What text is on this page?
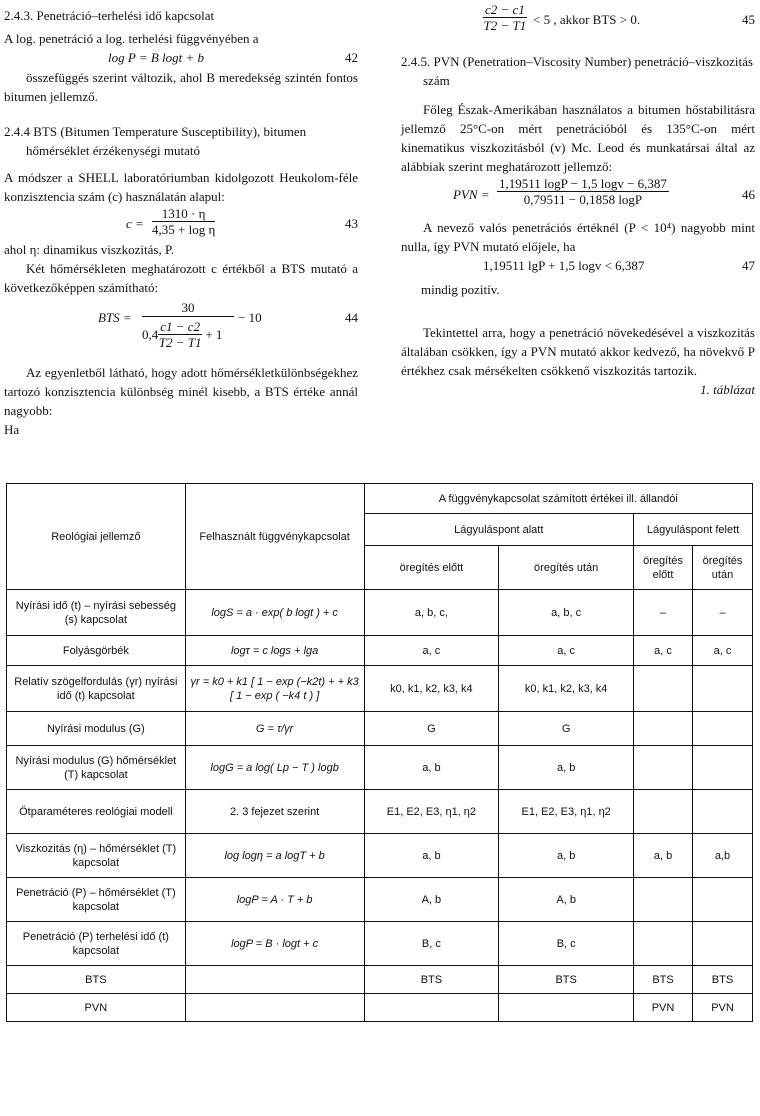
2.4.3. Penetráció–terhelési idő kapcsolat

A log. penetráció a log. terhelési függvényében a

log P = B logt + b	42

összefüggés szerint változik, ahol B meredekség szintén fontos bitumen jellemző.

2.4.4 BTS (Bitumen Temperature Susceptibility), bitumen hőmérséklet érzékenységi mutató

A módszer a SHELL laboratóriumban kidolgozott Heukolom-féle konzisztencia szám (c) használatán alapul:

$c = \frac{1310 \cdot \eta}{\text{4,35 + log η}}$	43

ahol η: dinamikus viszkozitás, P.

Két hőmérsékleten meghatározott c értékből a BTS mutató a következőképpen számítható:

BTS =
30
$0,4 \frac{c1 - c2}{T2 - T1} + 1$
− 10	44

Az egyenletből látható, hogy adott hőmérsékletkülönbségekhez tartozó konzisztencia különbség minél kisebb, a BTS értéke annál nagyobb:

Ha

$\frac{c2 - c1}{T2 - T1} < 5$ , akkor BTS > 0.	45

2.4.5. PVN (Penetration–Viscosity Number) penetráció–viszkozitás szám

Főleg Észak-Amerikában használatos a bitumen hőstabilitásra jellemző 25°C-on mért penetrációból és 135°C-on mért kinematikus viszkozitásból (v) Mc. Leod és munkatársai által az alábbiak szerint meghatározott jellemző:

PVN = $\frac{1,19511 \log P - 1,5 \log v - 6,387}{0,79511 - 0,1858 \log P}$	46

A nevező valós penetrációs értéknél (P < 10⁴) nagyobb mint nulla, így PVN mutató előjele, ha

1,19511 lgP + 1,5 logv < 6,387	47

mindig pozitív.

Tekintettel arra, hogy a penetráció növekedésével a viszkozitás általában csökken, így a PVN mutató akkor kedvező, ha növekvő P értékhez csak mérsékelten csökkenő viszkozitás tartozik.

1. táblázat

Reológiai jellemző	Felhasznált függvénykapcsolat	A függvénykapcsolat számított értékei ill. állandói			
		Lágyuláspont alatt		Lágyuláspont felett	
		öregítés előtt	öregítés után	öregítés előtt	öregítés után
Nyírási idő (t) – nyírási sebesség (s) kapcsolat	logS = a · exp( b logt ) + c	a, b, c,	a, b, c	–	–
Folyásgörbék	logτ = c logs + lga	a, c	a, c	a, c	a, c
Relatív szögelfordulás (γr) nyírási idő (t) kapcsolat	γr = k0 + k1 [ 1 − exp (−k2t) + + k3 [ 1 − exp ( −k4 t ) ]	k0, k1, k2, k3, k4	k0, k1, k2, k3, k4		
Nyírási modulus (G)	G = τ/γr	G	G		
Nyírási modulus (G) hőmérséklet (T) kapcsolat	logG = a log( Lp − T ) logb	a, b	a, b		
Ötparaméteres reológiai modell	2. 3 fejezet szerint	E1, E2, E3, η1, η2	E1, E2, E3, η1, η2		
Viszkozitás (η) – hőmérséklet (T) kapcsolat	log logη = a logT + b	a, b	a, b	a, b	a,b
Penetráció (P) – hőmérséklet (T) kapcsolat	logP = A · T + b	A, b	A, b		
Penetráció (P) terhelési idő (t) kapcsolat	logP = B · logt + c	B, c	B, c		
BTS		BTS	BTS	BTS	BTS
PVN				PVN	PVN
